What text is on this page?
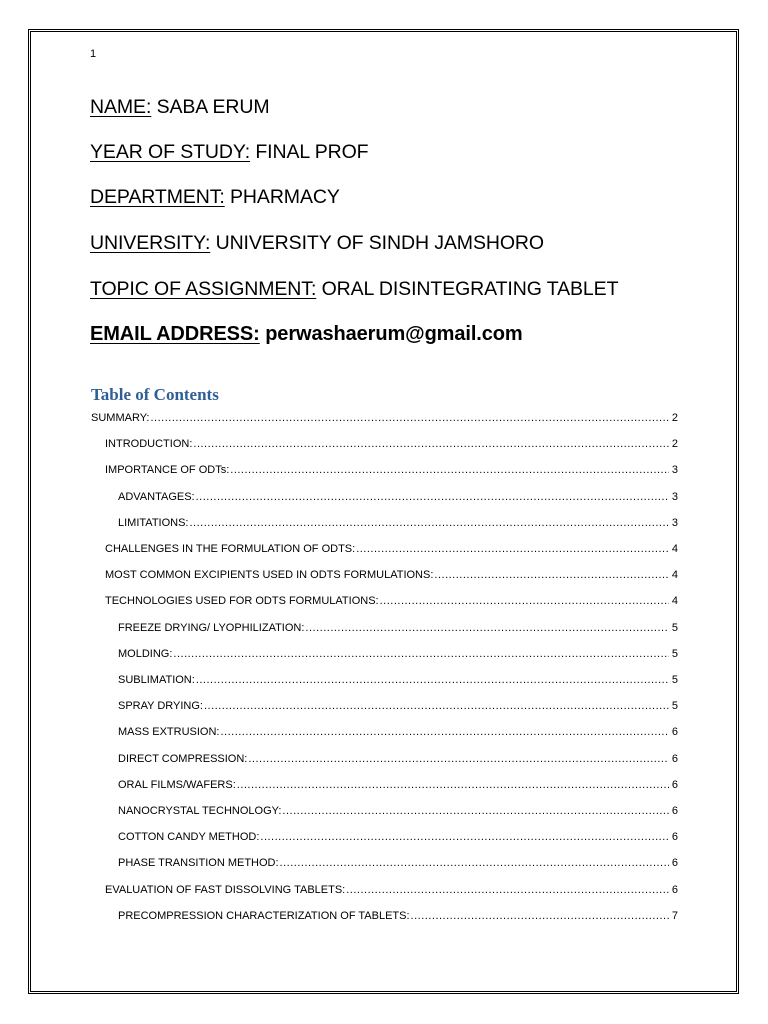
1
NAME: SABA ERUM
YEAR OF STUDY: FINAL PROF
DEPARTMENT: PHARMACY
UNIVERSITY: UNIVERSITY OF SINDH JAMSHORO
TOPIC OF ASSIGNMENT: ORAL DISINTEGRATING TABLET
EMAIL ADDRESS: perwashaerum@gmail.com
Table of Contents
SUMMARY: .....	2
INTRODUCTION: .....	2
IMPORTANCE OF ODTs: .....	3
ADVANTAGES: .....	3
LIMITATIONS: .....	3
CHALLENGES IN THE FORMULATION OF ODTS: .....	4
MOST COMMON EXCIPIENTS USED IN ODTS FORMULATIONS: .....	4
TECHNOLOGIES USED FOR ODTS FORMULATIONS: .....	4
FREEZE DRYING/ LYOPHILIZATION: .....	5
MOLDING: .....	5
SUBLIMATION: .....	5
SPRAY DRYING: .....	5
MASS EXTRUSION: .....	6
DIRECT COMPRESSION: .....	6
ORAL FILMS/WAFERS: .....	6
NANOCRYSTAL TECHNOLOGY: .....	6
COTTON CANDY METHOD: .....	6
PHASE TRANSITION METHOD: .....	6
EVALUATION OF FAST DISSOLVING TABLETS: .....	6
PRECOMPRESSION CHARACTERIZATION OF TABLETS: .....	7
